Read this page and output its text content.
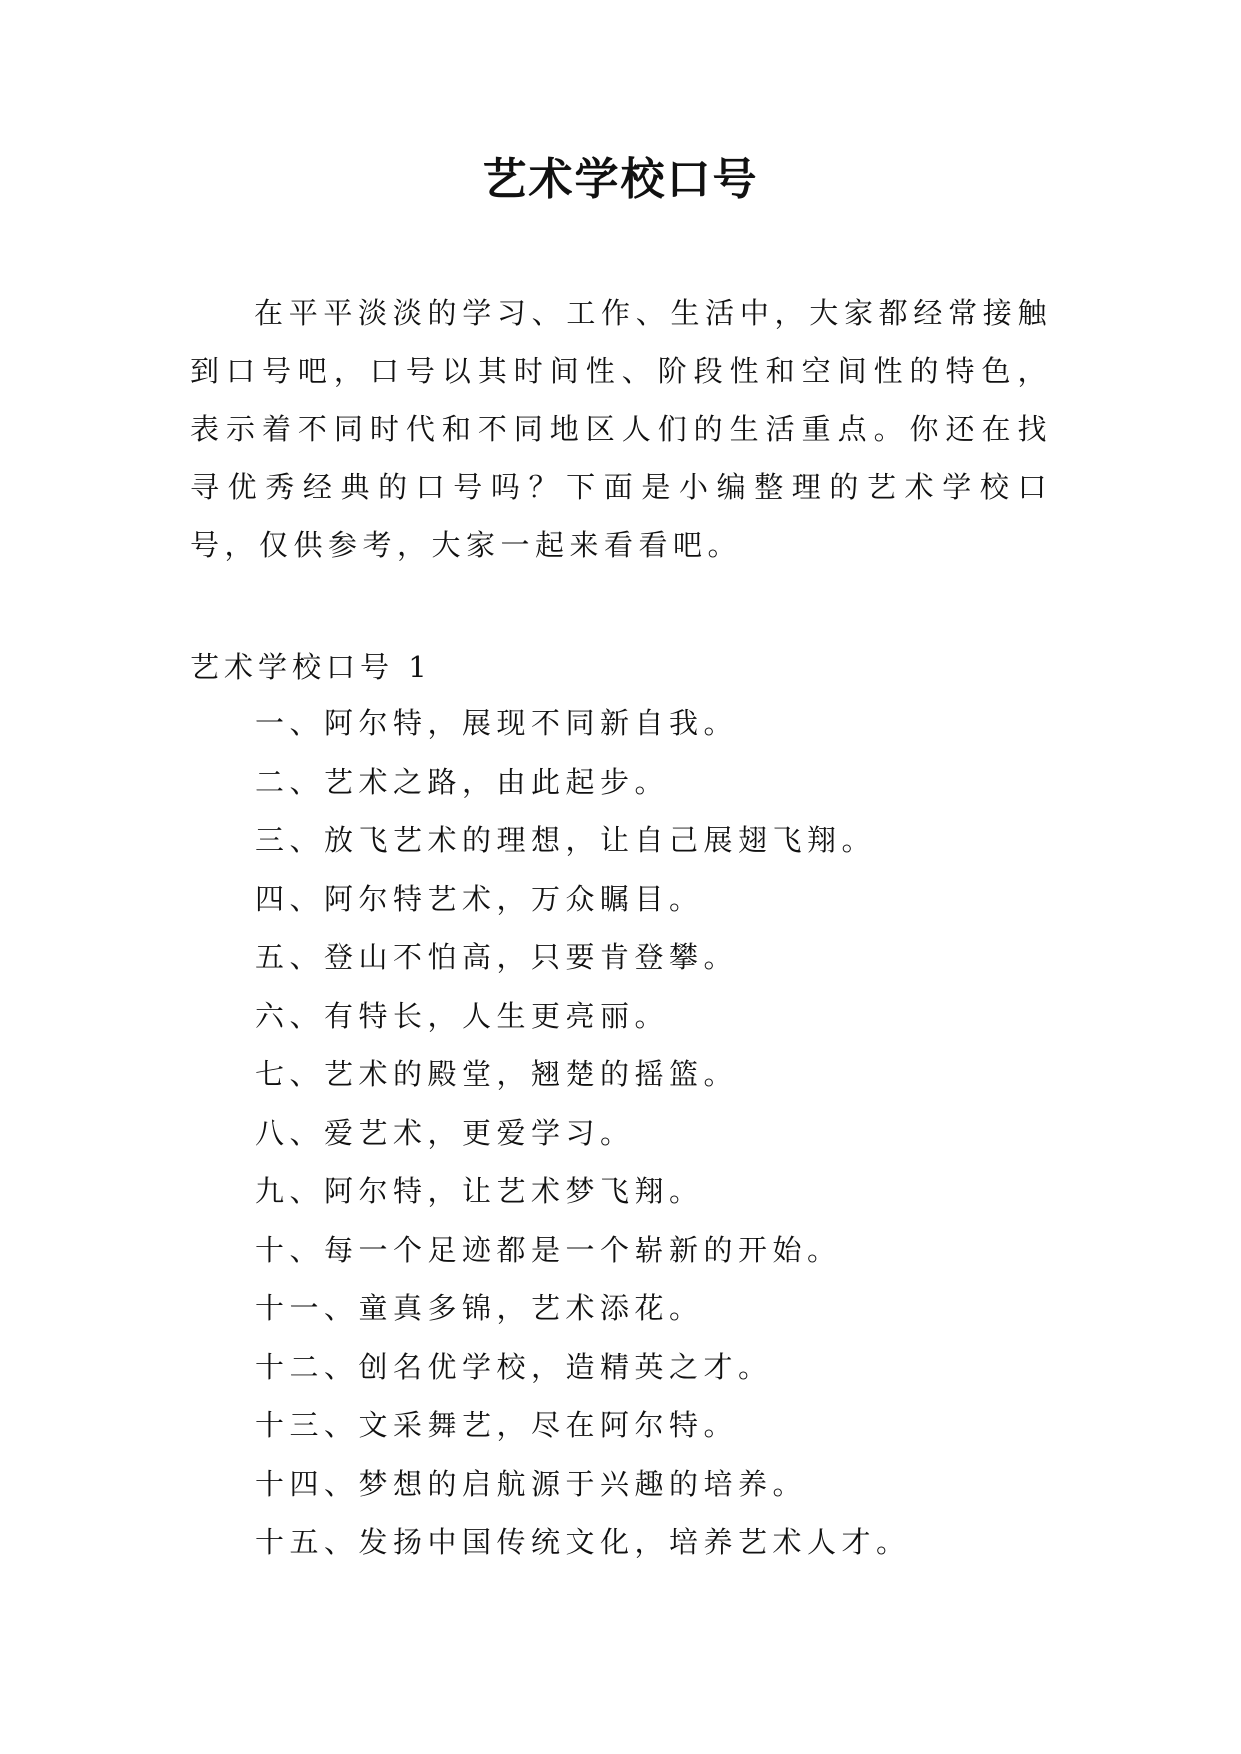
艺术学校口号

在平平淡淡的学习、工作、生活中，大家都经常接触到口号吧，口号以其时间性、阶段性和空间性的特色，表示着不同时代和不同地区人们的生活重点。你还在找寻优秀经典的口号吗？下面是小编整理的艺术学校口号，仅供参考，大家一起来看看吧。

艺术学校口号 1
一、阿尔特，展现不同新自我。
二、艺术之路，由此起步。
三、放飞艺术的理想，让自己展翅飞翔。
四、阿尔特艺术，万众瞩目。
五、登山不怕高，只要肯登攀。
六、有特长，人生更亮丽。
七、艺术的殿堂，翘楚的摇篮。
八、爱艺术，更爱学习。
九、阿尔特，让艺术梦飞翔。
十、每一个足迹都是一个崭新的开始。
十一、童真多锦，艺术添花。
十二、创名优学校，造精英之才。
十三、文采舞艺，尽在阿尔特。
十四、梦想的启航源于兴趣的培养。
十五、发扬中国传统文化，培养艺术人才。
